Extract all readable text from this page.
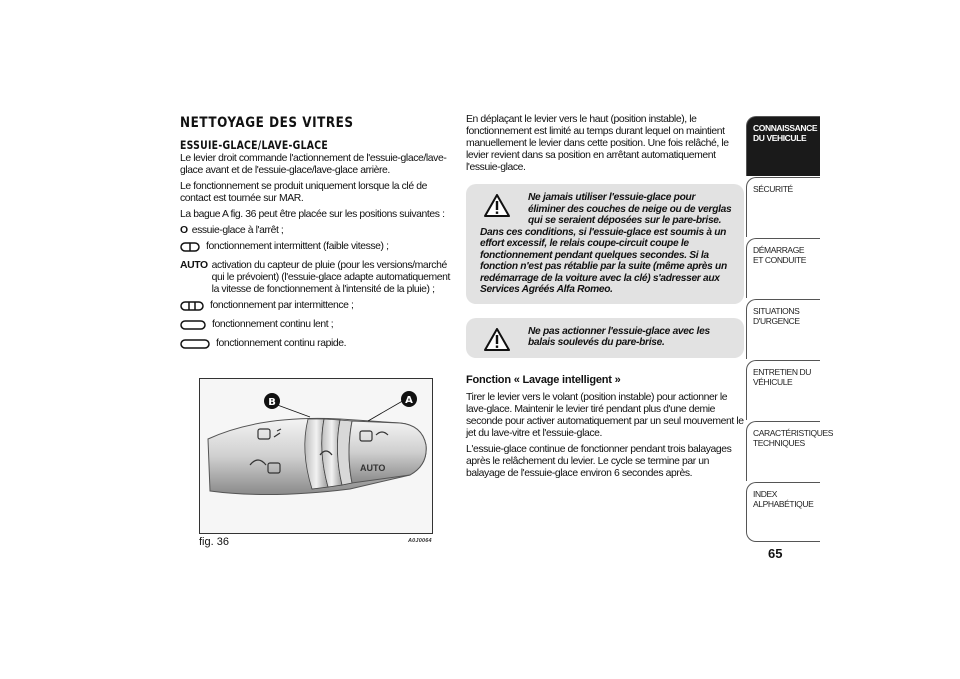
NETTOYAGE DES VITRES
ESSUIE-GLACE/LAVE-GLACE

Le levier droit commande l'actionnement de l'essuie-glace/lave-glace avant et de l'essuie-glace/lave-glace arrière.

Le fonctionnement se produit uniquement lorsque la clé de contact est tournée sur MAR.

La bague A fig. 36 peut être placée sur les positions suivantes :

O essuie-glace à l'arrêt ;
fonctionnement intermittent (faible vitesse) ;
AUTO activation du capteur de pluie (pour les versions/marché qui le prévoient) (l'essuie-glace adapte automatiquement la vitesse de fonctionnement à l'intensité de la pluie) ;
fonctionnement par intermittence ;
fonctionnement continu lent ;
fonctionnement continu rapide.
AUTO
B	A
fig. 36	A0J0064

En déplaçant le levier vers le haut (position instable), le fonctionnement est limité au temps durant lequel on maintient manuellement le levier dans cette position. Une fois relâché, le levier revient dans sa position en arrêtant automatiquement l'essuie-glace.

Ne jamais utiliser l'essuie-glace pour éliminer des couches de neige ou de verglas qui se seraient déposées sur le pare-brise.
Dans ces conditions, si l'essuie-glace est soumis à un effort excessif, le relais coupe-circuit coupe le fonctionnement pendant quelques secondes. Si la fonction n'est pas rétablie par la suite (même après un redémarrage de la voiture avec la clé) s'adresser aux Services Agréés Alfa Romeo.
Ne pas actionner l'essuie-glace avec les balais soulevés du pare-brise.
Fonction « Lavage intelligent »

Tirer le levier vers le volant (position instable) pour actionner le lave-glace. Maintenir le levier tiré pendant plus d'une demie seconde pour activer automatiquement par un seul mouvement le jet du lave-vitre et l'essuie-glace.

L'essuie-glace continue de fonctionner pendant trois balayages après le relâchement du levier. Le cycle se termine par un balayage de l'essuie-glace environ 6 secondes après.

CONNAISSANCE DU VEHICULE
SÉCURITÉ
DÉMARRAGE ET CONDUITE
SITUATIONS D'URGENCE
ENTRETIEN DU VÉHICULE
CARACTÉRISTIQUES TECHNIQUES
INDEX ALPHABÉTIQUE
65
